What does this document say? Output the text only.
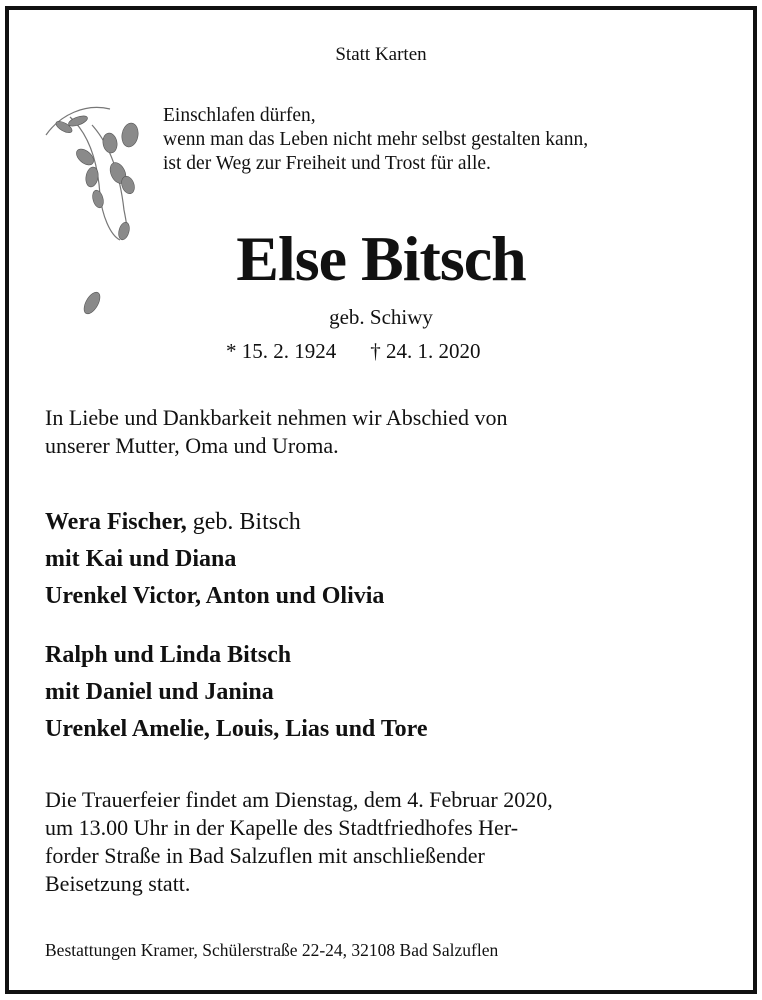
Statt Karten
Einschlafen dürfen,
wenn man das Leben nicht mehr selbst gestalten kann,
ist der Weg zur Freiheit und Trost für alle.
Else Bitsch
geb. Schiwy
* 15. 2. 1924 † 24. 1. 2020
In Liebe und Dankbarkeit nehmen wir Abschied von
unserer Mutter, Oma und Uroma.
Wera Fischer, geb. Bitsch
mit Kai und Diana
Urenkel Victor, Anton und Olivia
Ralph und Linda Bitsch
mit Daniel und Janina
Urenkel Amelie, Louis, Lias und Tore
Die Trauerfeier findet am Dienstag, dem 4. Februar 2020,
um 13.00 Uhr in der Kapelle des Stadtfriedhofes Her-
forder Straße in Bad Salzuflen mit anschließender
Beisetzung statt.
Bestattungen Kramer, Schülerstraße 22-24, 32108 Bad Salzuflen
